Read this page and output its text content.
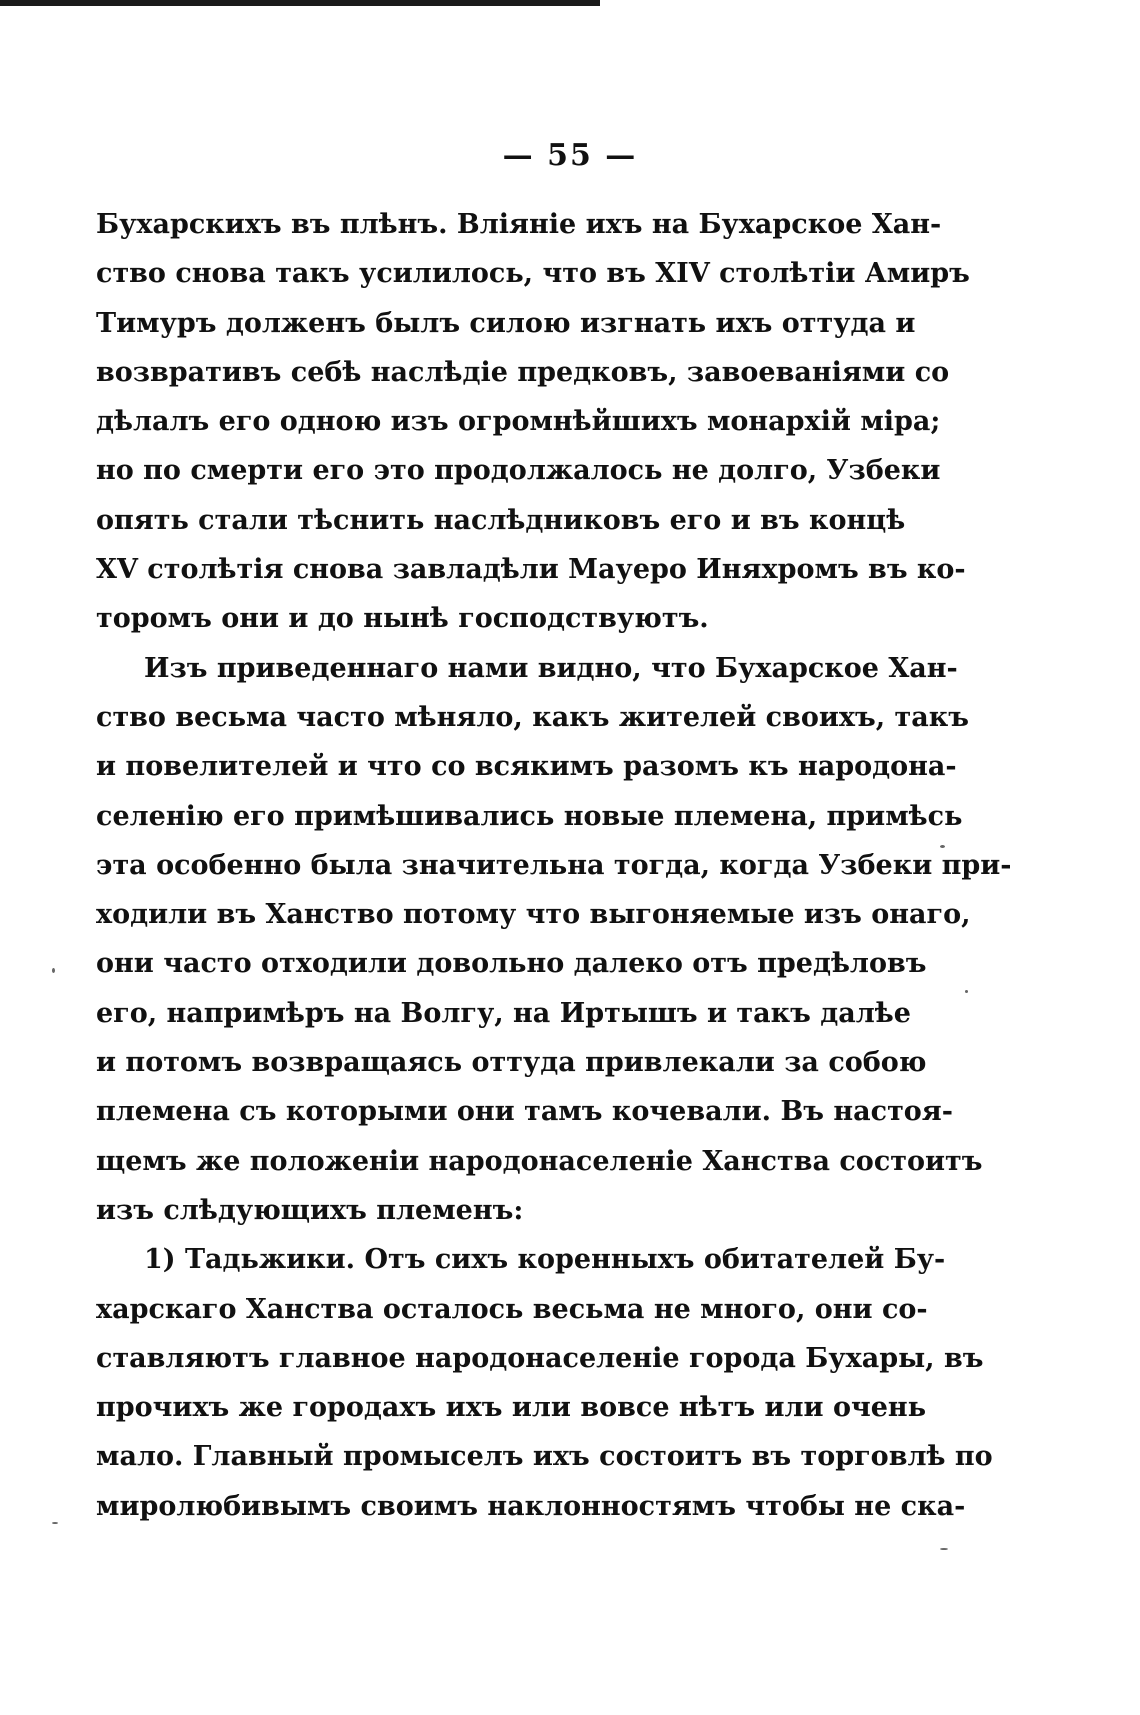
— 55 —
Бухарскихъ въ плѣнъ. Вліяніе ихъ на Бухарское Хан-
ство снова такъ усилилось, что въ XIV столѣтіи Амиръ
Тимуръ долженъ былъ силою изгнать ихъ оттуда и
возвративъ себѣ наслѣдіе предковъ, завоеваніями со
дѣлалъ его одною изъ огромнѣйшихъ монархій міра;
но по смерти его это продолжалось не долго, Узбеки
опять стали тѣснить наслѣдниковъ его и въ концѣ
XV столѣтія снова завладѣли Мауеро Иняхромъ въ ко-
торомъ они и до нынѣ господствуютъ.
Изъ приведеннаго нами видно, что Бухарское Хан-
ство весьма часто мѣняло, какъ жителей своихъ, такъ
и повелителей и что со всякимъ разомъ къ народона-
селенію его примѣшивались новые племена, примѣсь
эта особенно была значительна тогда, когда Узбеки при-
ходили въ Ханство потому что выгоняемые изъ онаго,
они часто отходили довольно далеко отъ предѣловъ
его, напримѣръ на Волгу, на Иртышъ и такъ далѣе
и потомъ возвращаясь оттуда привлекали за собою
племена съ которыми они тамъ кочевали. Въ настоя-
щемъ же положеніи народонаселеніе Ханства состоитъ
изъ слѣдующихъ племенъ:
1) Тадьжики. Отъ сихъ коренныхъ обитателей Бу-
харскаго Ханства осталось весьма не много, они со-
ставляютъ главное народонаселеніе города Бухары, въ
прочихъ же городахъ ихъ или вовсе нѣтъ или очень
мало. Главный промыселъ ихъ состоитъ въ торговлѣ по
миролюбивымъ своимъ наклонностямъ чтобы не ска-
